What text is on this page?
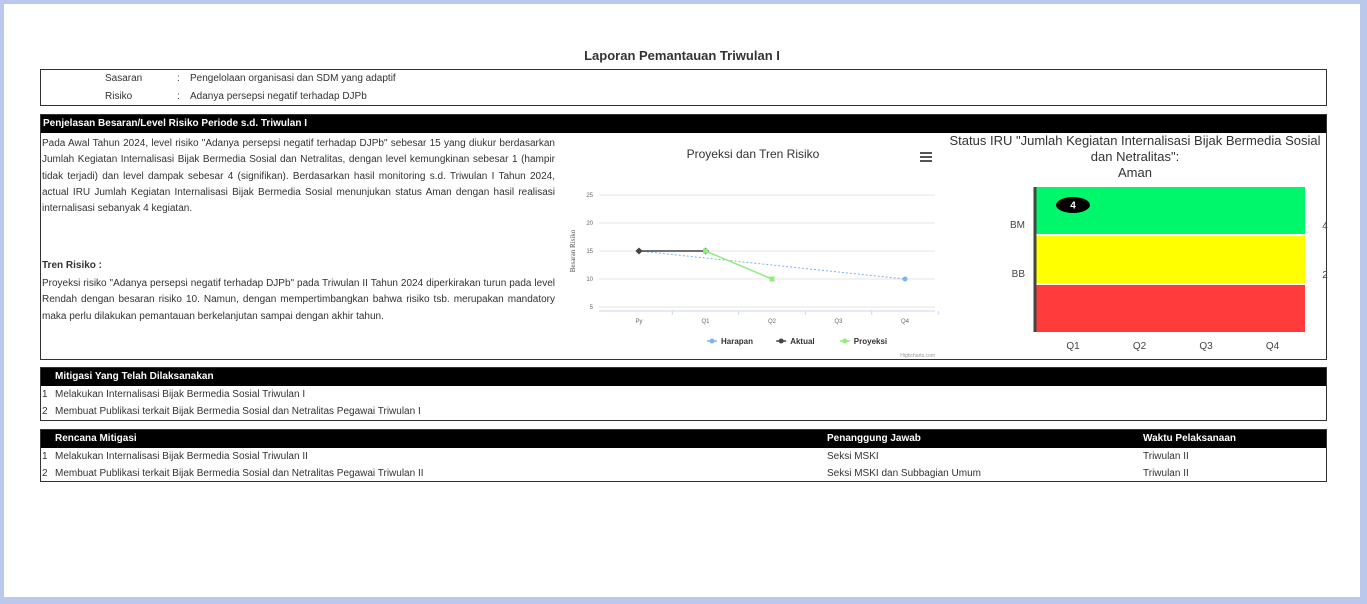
Laporan Pemantauan Triwulan I
Sasaran	: Pengelolaan organisasi dan SDM yang adaptif
Risiko	: Adanya persepsi negatif terhadap DJPb
Penjelasan Besaran/Level Risiko Periode s.d. Triwulan I
Pada Awal Tahun 2024, level risiko "Adanya persepsi negatif terhadap DJPb" sebesar 15 yang diukur berdasarkan Jumlah Kegiatan Internalisasi Bijak Bermedia Sosial dan Netralitas, dengan level kemungkinan sebesar 1 (hampir tidak terjadi) dan level dampak sebesar 4 (signifikan). Berdasarkan hasil monitoring s.d. Triwulan I Tahun 2024, actual IRU Jumlah Kegiatan Internalisasi Bijak Bermedia Sosial menunjukan status Aman dengan hasil realisasi internalisasi sebanyak 4 kegiatan.
Tren Risiko :
Proyeksi risiko "Adanya persepsi negatif terhadap DJPb" pada Triwulan II Tahun 2024 diperkirakan turun pada level Rendah dengan besaran risiko 10. Namun, dengan mempertimbangkan bahwa risiko tsb. merupakan mandatory maka perlu dilakukan pemantauan berkelanjutan sampai dengan akhir tahun.
Proyeksi dan Tren Risiko
5
10
15
20
25
Besaran Risiko
Py	Q1	Q2	Q3	Q4
Harapan	Aktual	Proyeksi
Highcharts.com
Status IRU "Jumlah Kegiatan Internalisasi Bijak Bermedia Sosial dan Netralitas":
Aman
BM
BB
4
2
Q1	Q2	Q3	Q4
4
Mitigasi Yang Telah Dilaksanakan
1 Melakukan Internalisasi Bijak Bermedia Sosial Triwulan I
2 Membuat Publikasi terkait Bijak Bermedia Sosial dan Netralitas Pegawai Triwulan I
Rencana Mitigasi	Penanggung Jawab	Waktu Pelaksanaan
1 Melakukan Internalisasi Bijak Bermedia Sosial Triwulan II	Seksi MSKI	Triwulan II
2 Membuat Publikasi terkait Bijak Bermedia Sosial dan Netralitas Pegawai Triwulan II	Seksi MSKI dan Subbagian Umum	Triwulan II
